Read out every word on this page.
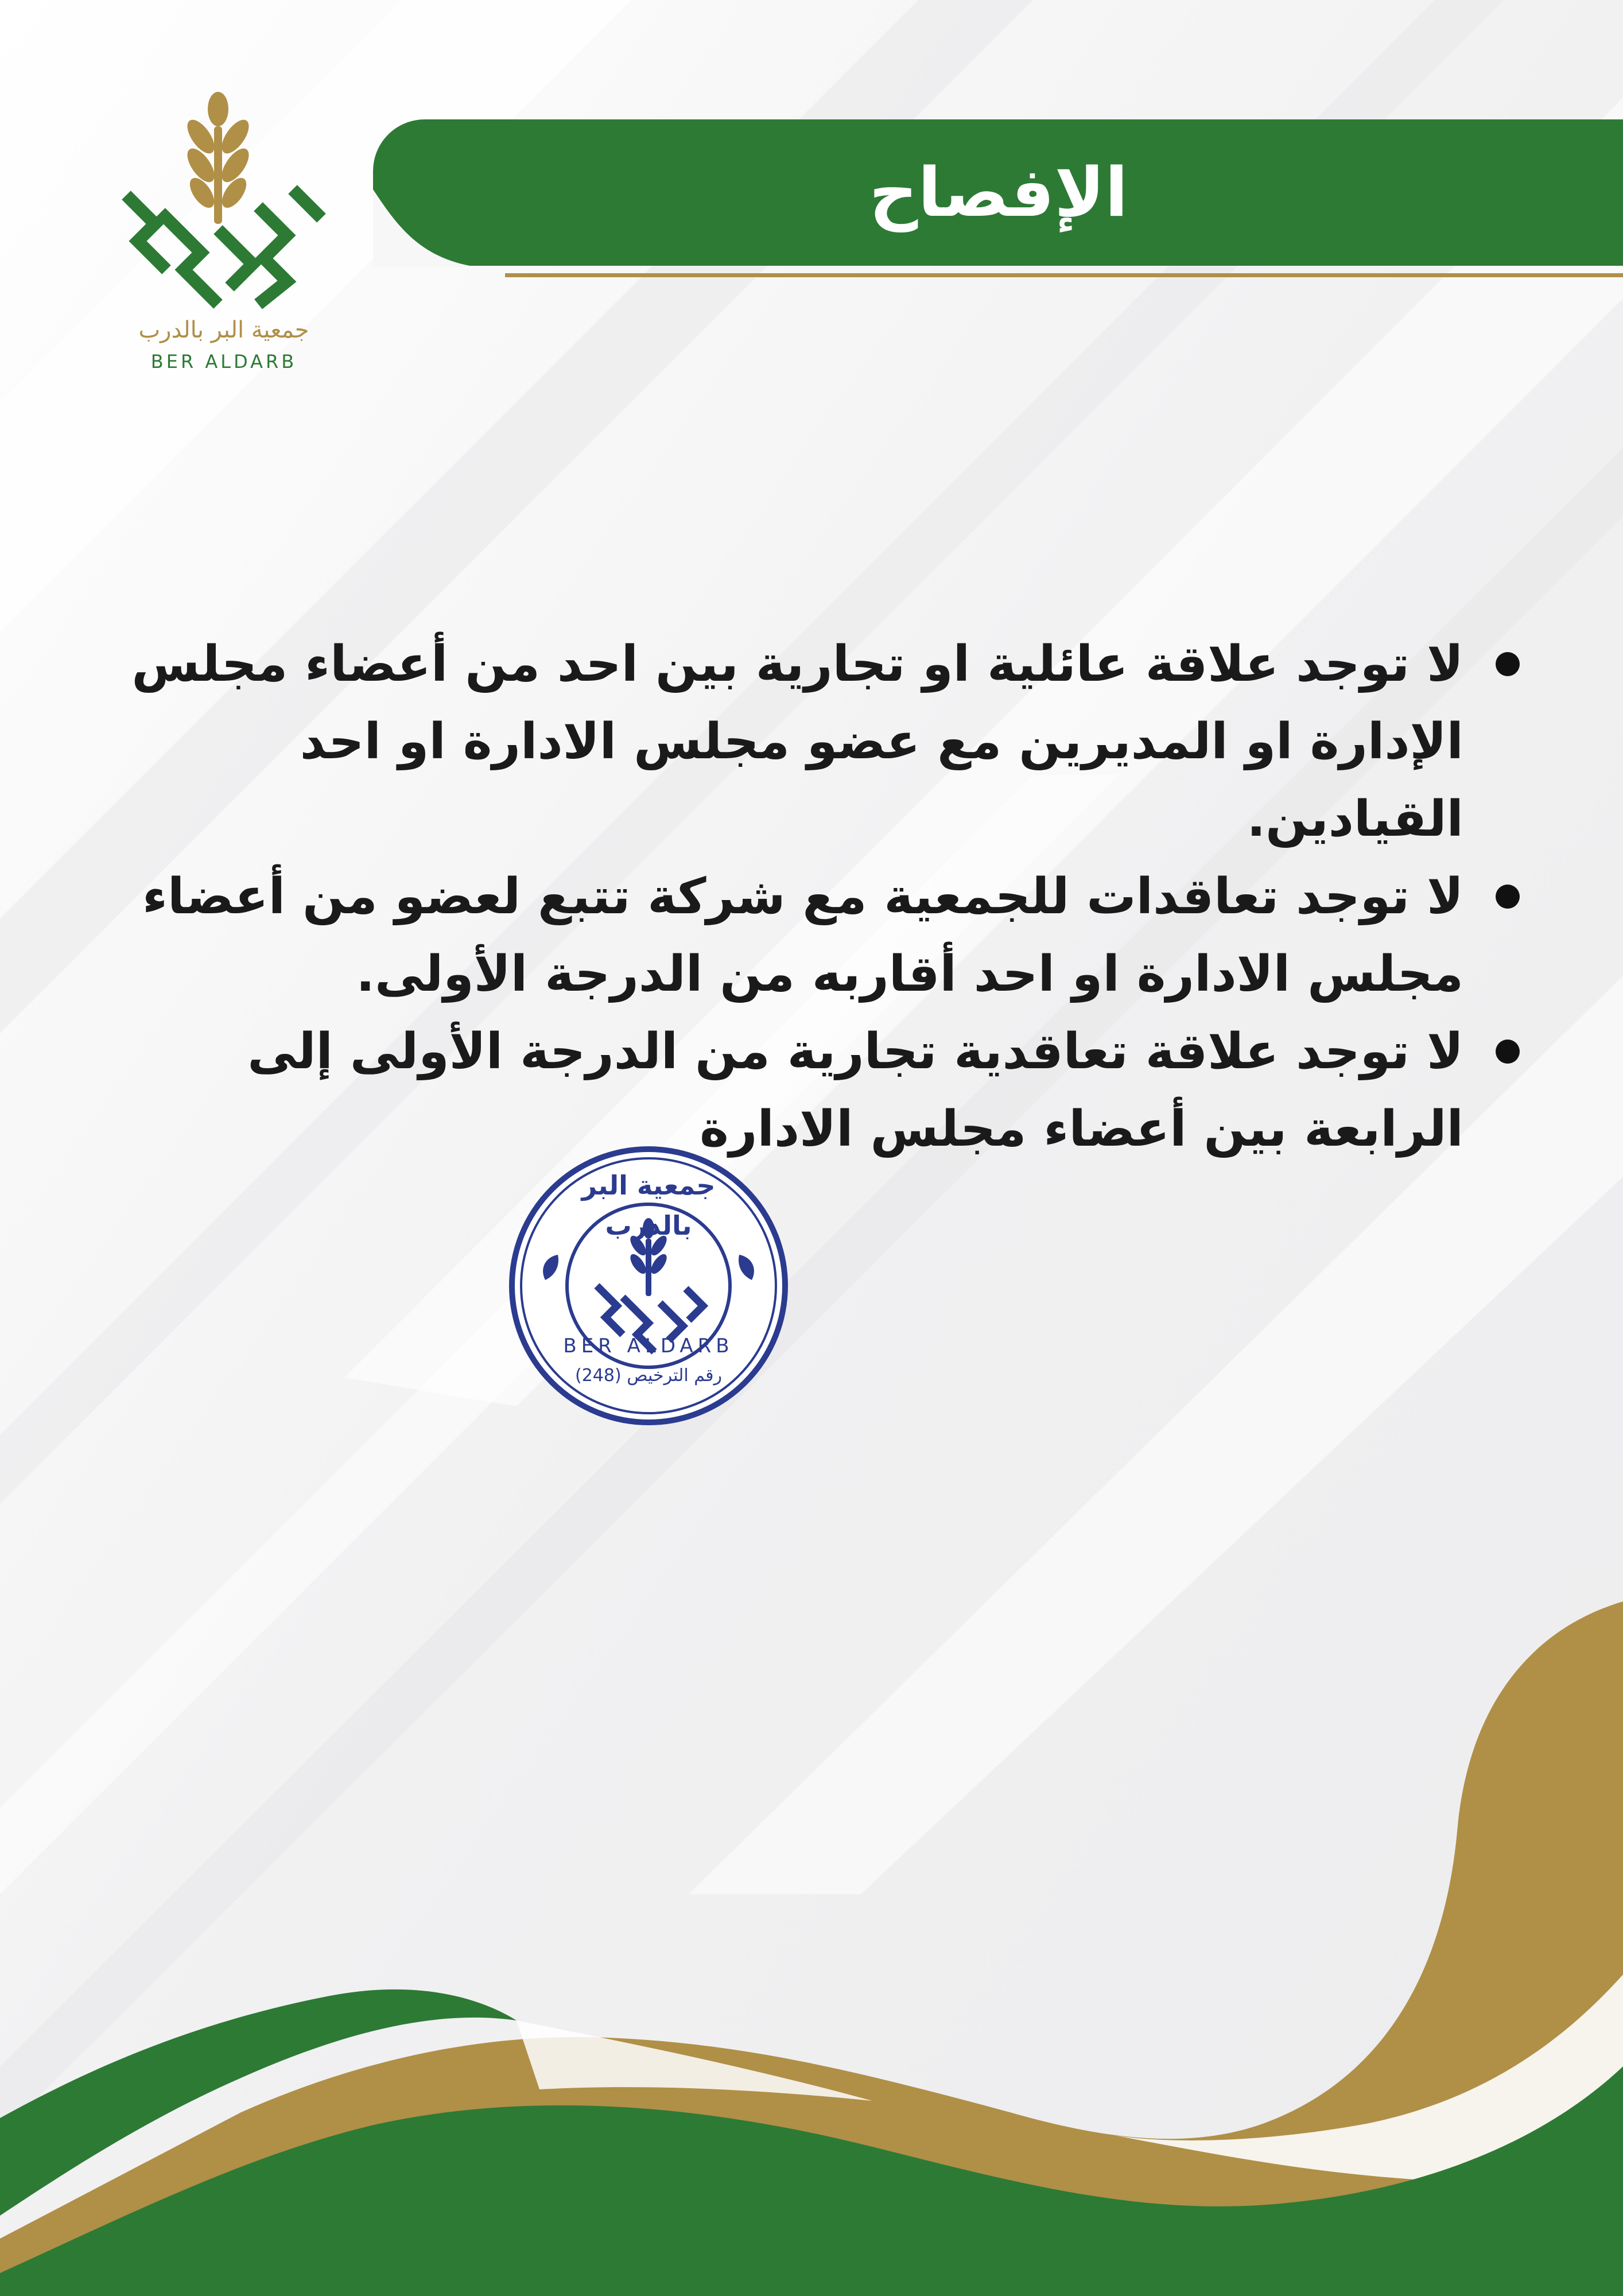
الإفصاح
جمعية البر بالدرب
BER ALDARB
لا توجد علاقة عائلية او تجارية بين احد من أعضاء مجلس الإدارة او المديرين مع عضو مجلس الادارة او احد القيادين.
لا توجد تعاقدات للجمعية مع شركة تتبع لعضو من أعضاء مجلس الادارة او احد أقاربه من الدرجة الأولى.
لا توجد علاقة تعاقدية تجارية من الدرجة الأولى إلى الرابعة بين أعضاء مجلس الادارة
جمعية البر بالدرب
BER ALDARB
رقم الترخيص (248)
